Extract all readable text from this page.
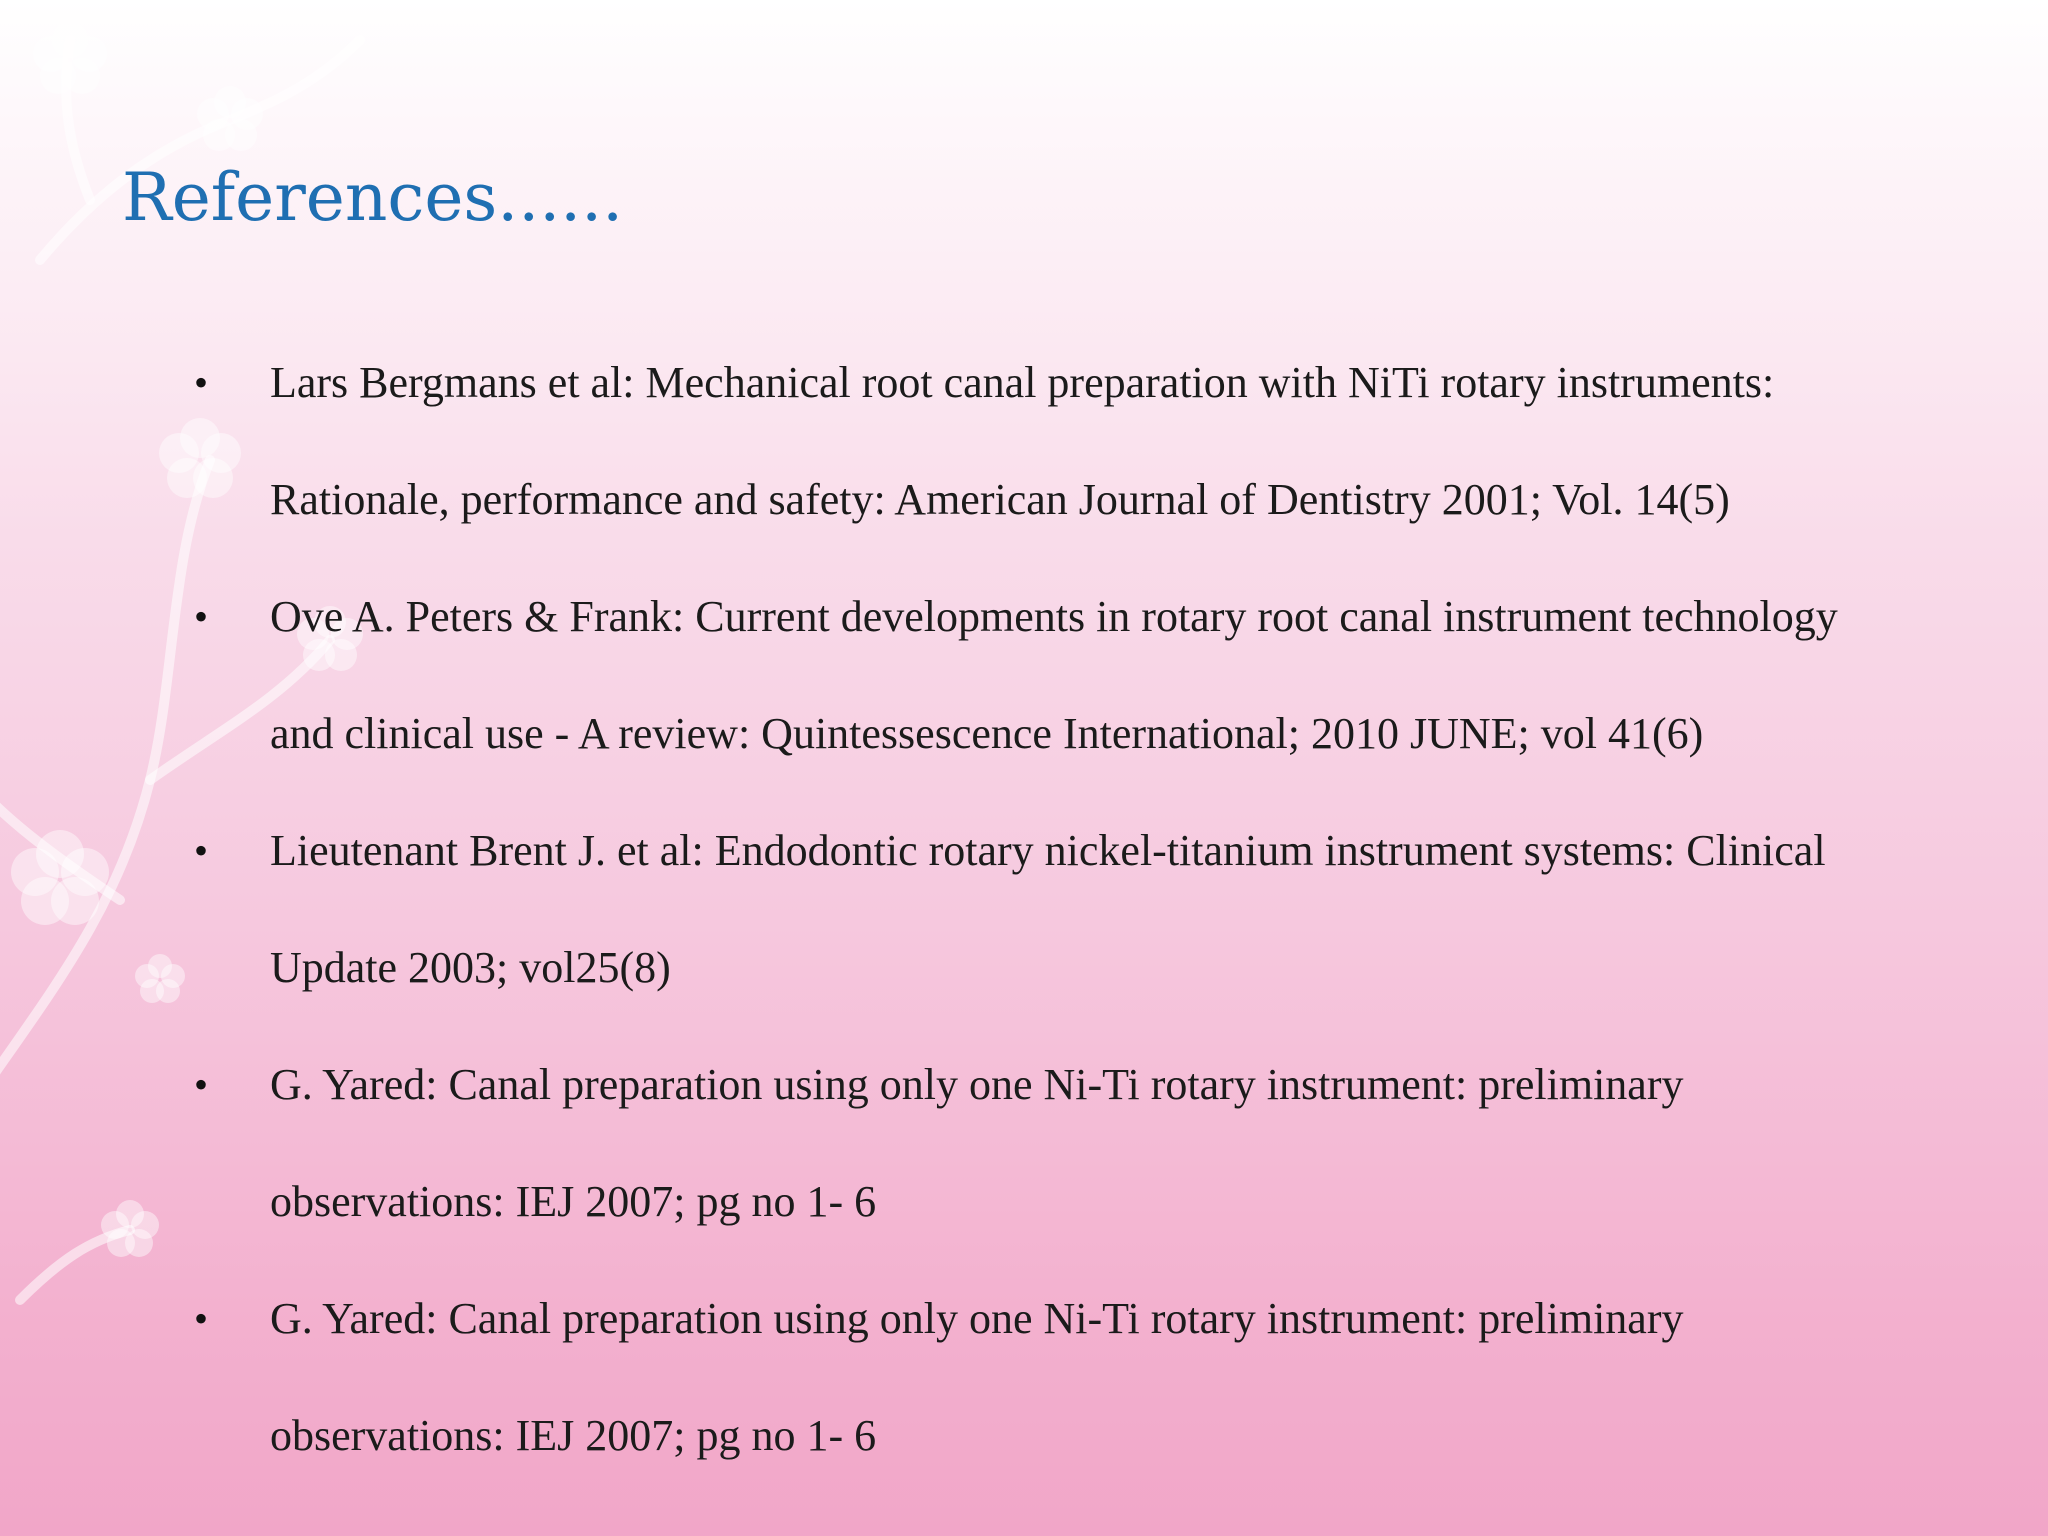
References......
• Lars Bergmans et al: Mechanical root canal preparation with NiTi rotary instruments:
Rationale, performance and safety: American Journal of Dentistry 2001; Vol. 14(5)
• Ove A. Peters & Frank: Current developments in rotary root canal instrument technology
and clinical use - A review: Quintessescence International; 2010 JUNE; vol 41(6)
• Lieutenant Brent J. et al: Endodontic rotary nickel-titanium instrument systems: Clinical
Update 2003; vol25(8)
• G. Yared: Canal preparation using only one Ni-Ti rotary instrument: preliminary
observations: IEJ 2007; pg no 1- 6
• G. Yared: Canal preparation using only one Ni-Ti rotary instrument: preliminary
observations: IEJ 2007; pg no 1- 6
